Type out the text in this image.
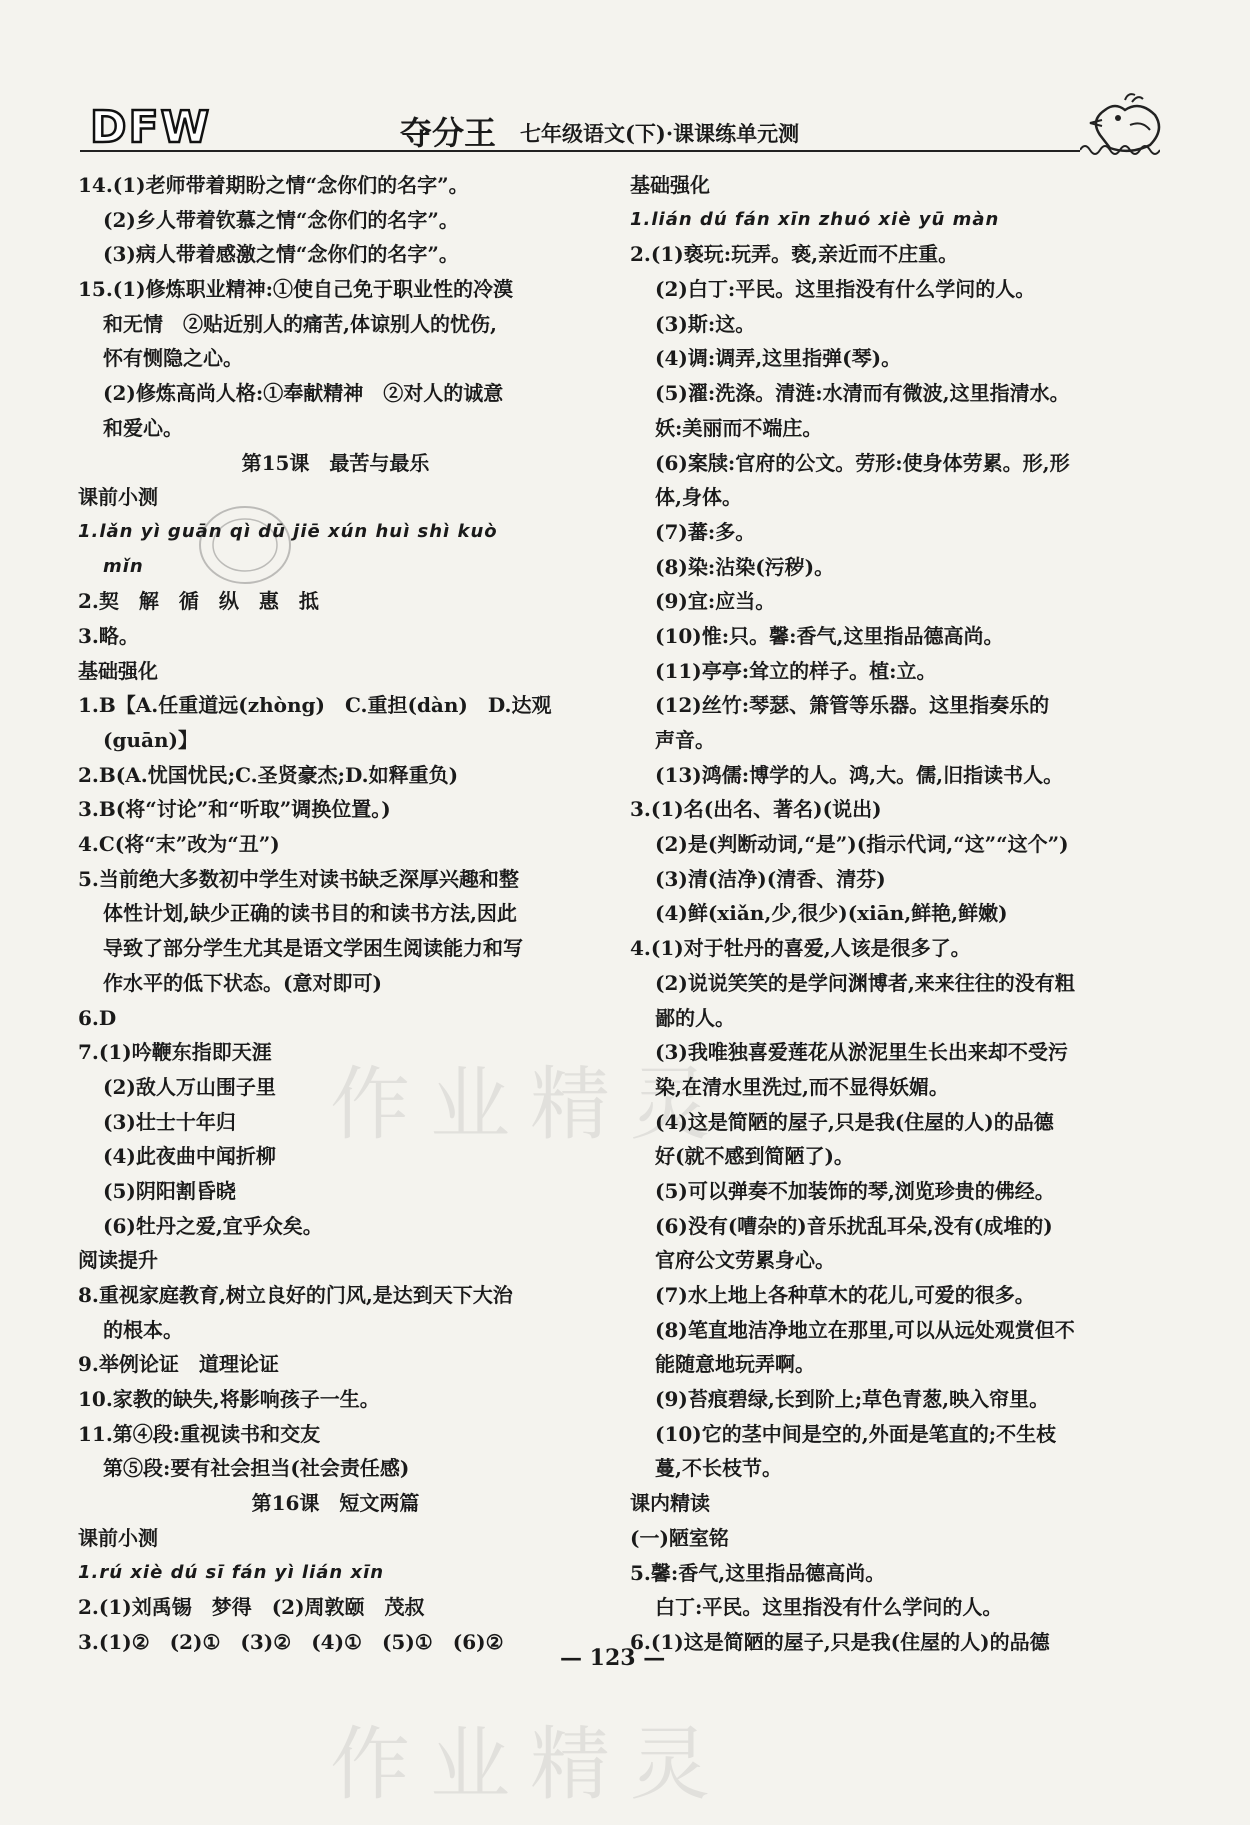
DFW	夺分王 七年级语文(下)·课课练单元测
作业精灵
作业精灵
14.(1)老师带着期盼之情“念你们的名字”。
(2)乡人带着钦慕之情“念你们的名字”。
(3)病人带着感激之情“念你们的名字”。
15.(1)修炼职业精神:①使自己免于职业性的冷漠
和无情　②贴近别人的痛苦,体谅别人的忧伤,
怀有恻隐之心。
(2)修炼高尚人格:①奉献精神　②对人的诚意
和爱心。
第15课　最苦与最乐
课前小测
1.lǎn yì guān qì dū jiē xún huì shì kuò
mǐn
2.契　解　循　纵　惠　抵
3.略。
基础强化
1.B【A.任重道远(zhòng)　C.重担(dàn)　D.达观
(guān)】
2.B(A.忧国忧民;C.圣贤豪杰;D.如释重负)
3.B(将“讨论”和“听取”调换位置。)
4.C(将“末”改为“丑”)
5.当前绝大多数初中学生对读书缺乏深厚兴趣和整
体性计划,缺少正确的读书目的和读书方法,因此
导致了部分学生尤其是语文学困生阅读能力和写
作水平的低下状态。(意对即可)
6.D
7.(1)吟鞭东指即天涯
(2)敌人万山围子里
(3)壮士十年归
(4)此夜曲中闻折柳
(5)阴阳割昏晓
(6)牡丹之爱,宜乎众矣。
阅读提升
8.重视家庭教育,树立良好的门风,是达到天下大治
的根本。
9.举例论证　道理论证
10.家教的缺失,将影响孩子一生。
11.第④段:重视读书和交友
第⑤段:要有社会担当(社会责任感)
第16课　短文两篇
课前小测
1.rú xiè dú sī fán yì lián xīn
2.(1)刘禹锡　梦得　(2)周敦颐　茂叔
3.(1)②　(2)①　(3)②　(4)①　(5)①　(6)②
基础强化
1.lián dú fán xīn zhuó xiè yū màn
2.(1)亵玩:玩弄。亵,亲近而不庄重。
(2)白丁:平民。这里指没有什么学问的人。
(3)斯:这。
(4)调:调弄,这里指弹(琴)。
(5)濯:洗涤。清涟:水清而有微波,这里指清水。
妖:美丽而不端庄。
(6)案牍:官府的公文。劳形:使身体劳累。形,形
体,身体。
(7)蕃:多。
(8)染:沾染(污秽)。
(9)宜:应当。
(10)惟:只。馨:香气,这里指品德高尚。
(11)亭亭:耸立的样子。植:立。
(12)丝竹:琴瑟、箫管等乐器。这里指奏乐的
声音。
(13)鸿儒:博学的人。鸿,大。儒,旧指读书人。
3.(1)名(出名、著名)(说出)
(2)是(判断动词,“是”)(指示代词,“这”“这个”)
(3)清(洁净)(清香、清芬)
(4)鲜(xiǎn,少,很少)(xiān,鲜艳,鲜嫩)
4.(1)对于牡丹的喜爱,人该是很多了。
(2)说说笑笑的是学问渊博者,来来往往的没有粗
鄙的人。
(3)我唯独喜爱莲花从淤泥里生长出来却不受污
染,在清水里洗过,而不显得妖媚。
(4)这是简陋的屋子,只是我(住屋的人)的品德
好(就不感到简陋了)。
(5)可以弹奏不加装饰的琴,浏览珍贵的佛经。
(6)没有(嘈杂的)音乐扰乱耳朵,没有(成堆的)
官府公文劳累身心。
(7)水上地上各种草木的花儿,可爱的很多。
(8)笔直地洁净地立在那里,可以从远处观赏但不
能随意地玩弄啊。
(9)苔痕碧绿,长到阶上;草色青葱,映入帘里。
(10)它的茎中间是空的,外面是笔直的;不生枝
蔓,不长枝节。
课内精读
(一)陋室铭
5.馨:香气,这里指品德高尚。
白丁:平民。这里指没有什么学问的人。
6.(1)这是简陋的屋子,只是我(住屋的人)的品德
— 123 —
